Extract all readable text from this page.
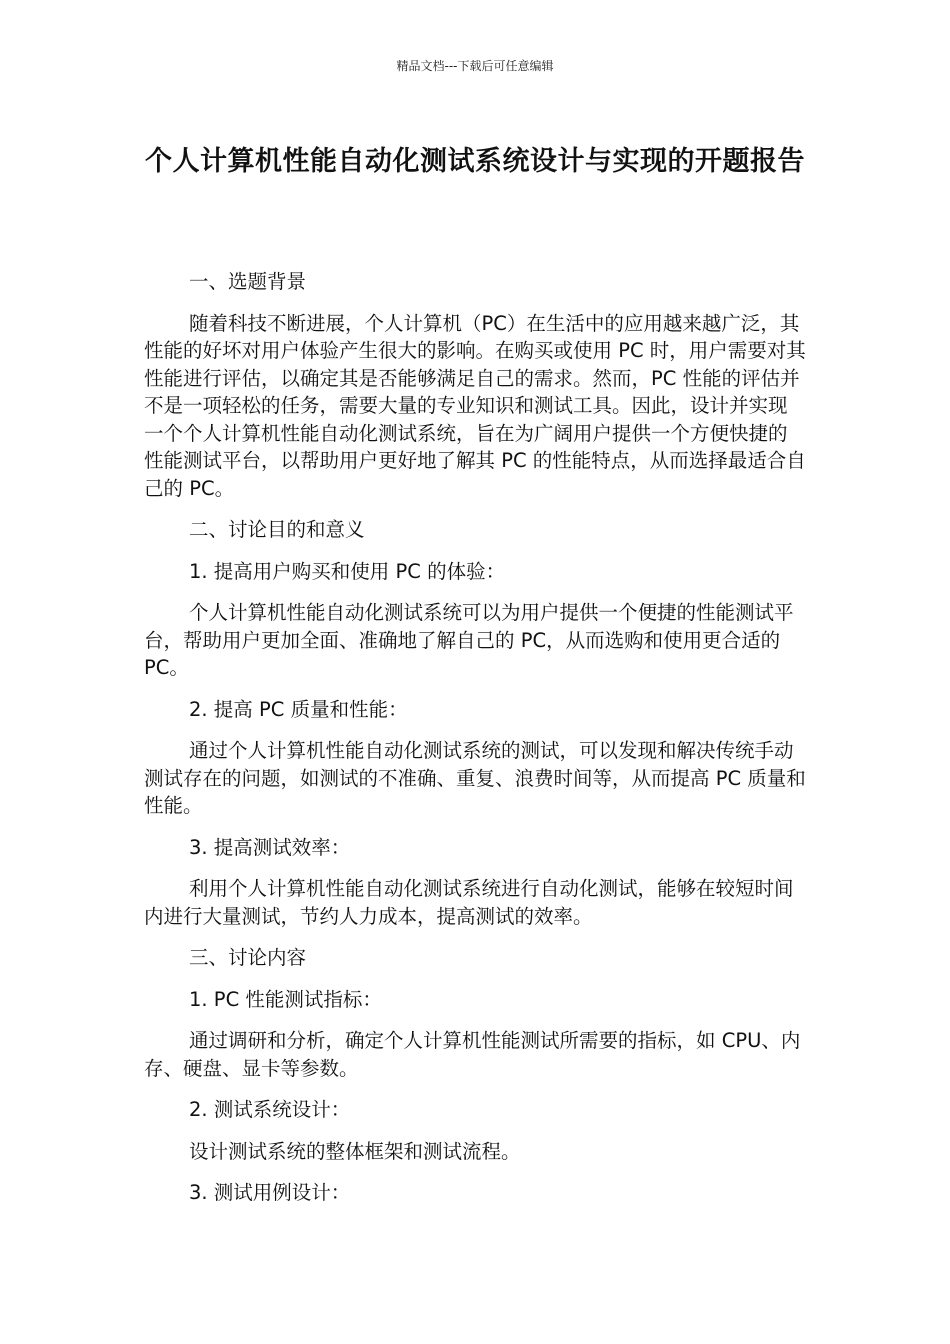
精品文档---下载后可任意编辑
个人计算机性能自动化测试系统设计与实现的开题报告

一、选题背景

随着科技不断进展，个人计算机（PC）在生活中的应用越来越广泛，其性能的好坏对用户体验产生很大的影响。在购买或使用 PC 时，用户需要对其性能进行评估，以确定其是否能够满足自己的需求。然而，PC 性能的评估并不是一项轻松的任务，需要大量的专业知识和测试工具。因此，设计并实现一个个人计算机性能自动化测试系统，旨在为广阔用户提供一个方便快捷的性能测试平台，以帮助用户更好地了解其 PC 的性能特点，从而选择最适合自己的 PC。

二、讨论目的和意义

1. 提高用户购买和使用 PC 的体验：

个人计算机性能自动化测试系统可以为用户提供一个便捷的性能测试平台，帮助用户更加全面、准确地了解自己的 PC，从而选购和使用更合适的 PC。

2. 提高 PC 质量和性能：

通过个人计算机性能自动化测试系统的测试，可以发现和解决传统手动测试存在的问题，如测试的不准确、重复、浪费时间等，从而提高 PC 质量和性能。

3. 提高测试效率：

利用个人计算机性能自动化测试系统进行自动化测试，能够在较短时间内进行大量测试，节约人力成本，提高测试的效率。

三、讨论内容

1. PC 性能测试指标：

通过调研和分析，确定个人计算机性能测试所需要的指标，如 CPU、内存、硬盘、显卡等参数。

2. 测试系统设计：

设计测试系统的整体框架和测试流程。

3. 测试用例设计：
